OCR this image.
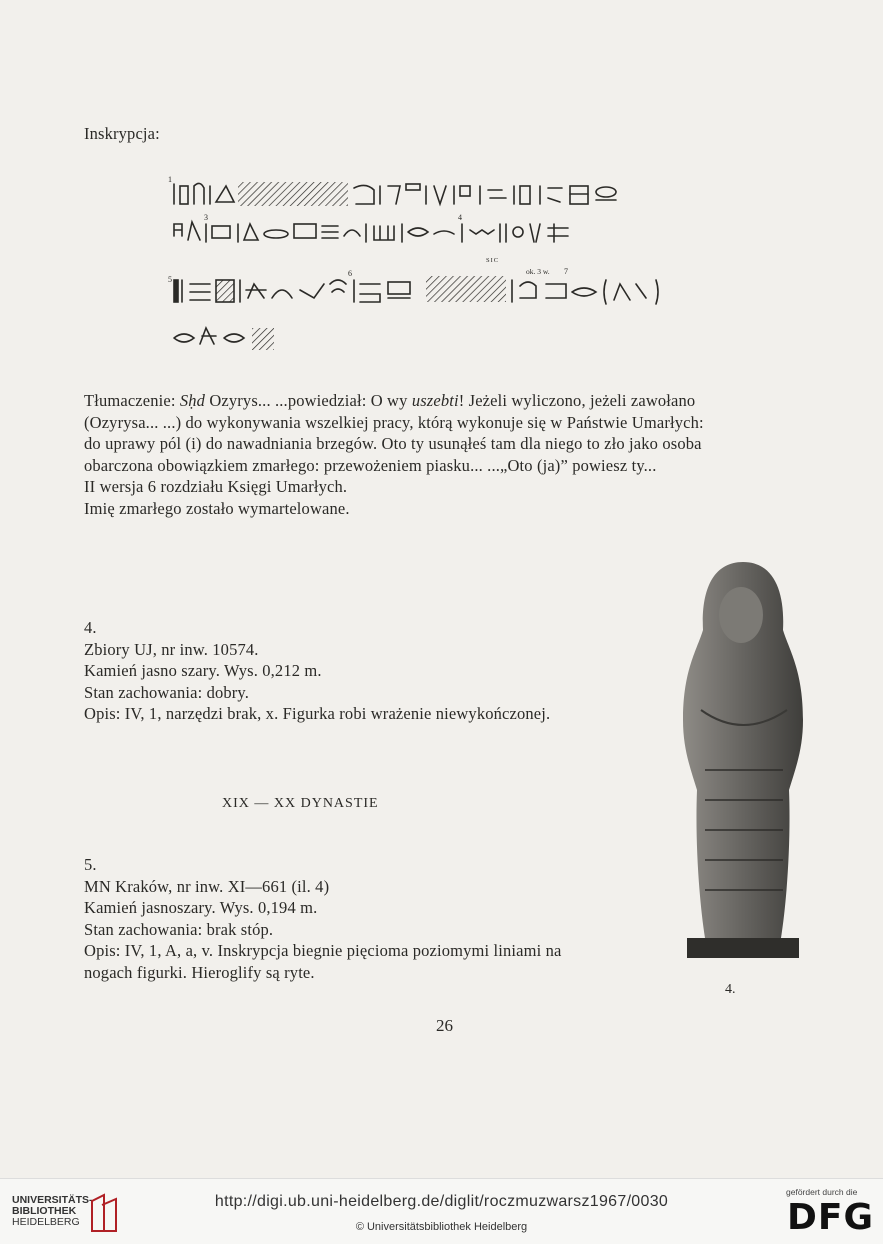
Inskrypcja:
1
3	4
5
6	7
SIC
ok. 3 w.
Tłumaczenie: Sḥd Ozyrys... ...powiedział: O wy uszebti! Jeżeli wyliczono, jeżeli zawołano
(Ozyrysa... ...) do wykonywania wszelkiej pracy, którą wykonuje się w Państwie Umarłych:
do uprawy pól (i) do nawadniania brzegów. Oto ty usunąłeś tam dla niego to zło jako osoba
obarczona obowiązkiem zmarłego: przewożeniem piasku... ...„Oto (ja)” powiesz ty...
II wersja 6 rozdziału Księgi Umarłych.
Imię zmarłego zostało wymartelowane.
4.
Zbiory UJ, nr inw. 10574.
Kamień jasno szary. Wys. 0,212 m.
Stan zachowania: dobry.
Opis: IV, 1, narzędzi brak, x. Figurka robi wrażenie niewykończonej.
XIX — XX DYNASTIE
5.
MN Kraków, nr inw. XI—661 (il. 4)
Kamień jasnoszary. Wys. 0,194 m.
Stan zachowania: brak stóp.
Opis: IV, 1, A, a, v. Inskrypcja biegnie pięcioma poziomymi liniami na
nogach figurki. Hieroglify są ryte.
4.
26
UNIVERSITÄTS-
BIBLIOTHEK
HEIDELBERG
http://digi.ub.uni-heidelberg.de/diglit/roczmuzwarsz1967/0030
© Universitätsbibliothek Heidelberg
gefördert durch die
DFG
